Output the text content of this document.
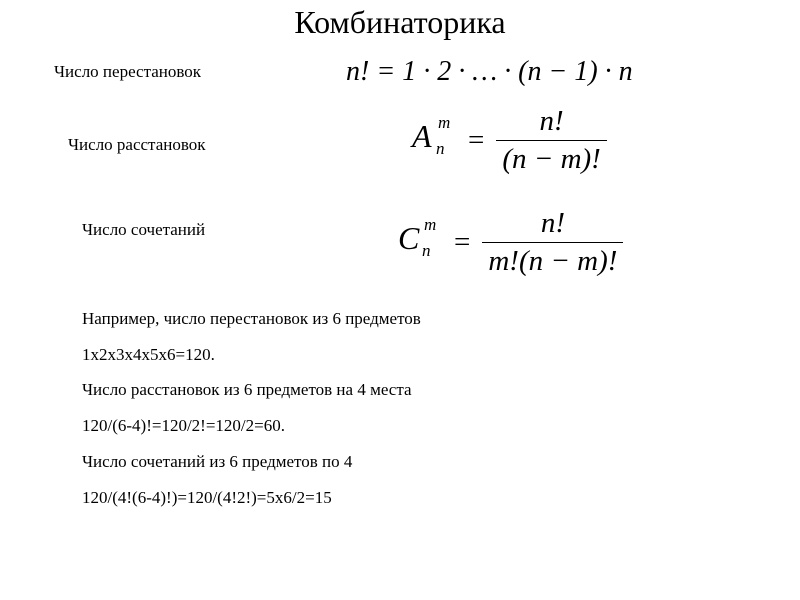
Комбинаторика
Число перестановок	n! = 1 · 2 · … · (n − 1) · n
Число расстановок	A m
$n = \frac{n!}{(n - m)!}$
Число сочетаний	C m
$n = \frac{n!}{m!(n - m)!}$
Например, число перестановок из 6 предметов
1x2x3x4x5x6=120.
Число расстановок из 6 предметов на 4 места
120/(6-4)!=120/2!=120/2=60.
Число сочетаний из 6 предметов по 4
120/(4!(6-4)!)=120/(4!2!)=5x6/2=15
